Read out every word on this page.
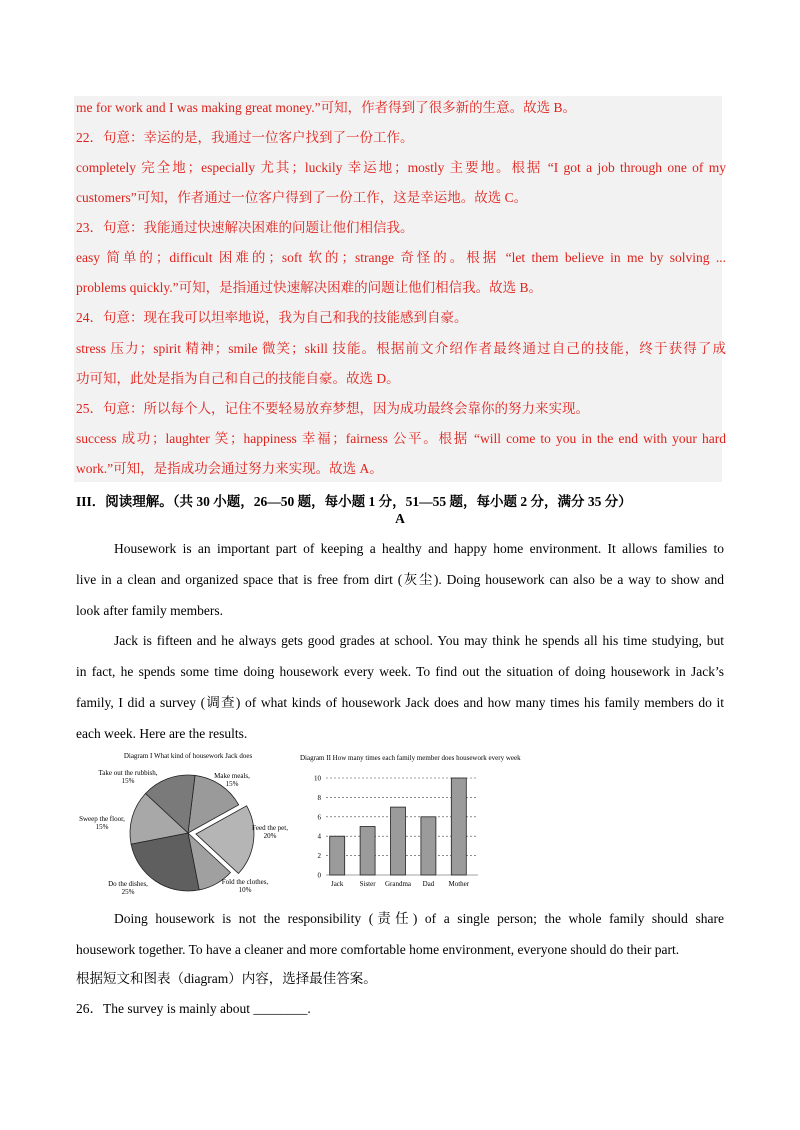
me for work and I was making great money.”可知，作者得到了很多新的生意。故选 B。
22．句意：幸运的是，我通过一位客户找到了一份工作。
completely 完全地；especially 尤其；luckily 幸运地；mostly 主要地。根据 “I got a job through one of my
customers”可知，作者通过一位客户得到了一份工作，这是幸运地。故选 C。
23．句意：我能通过快速解决困难的问题让他们相信我。
easy 简单的；difficult 困难的；soft 软的；strange 奇怪的。根据 “let them believe in me by solving ...
problems quickly.”可知，是指通过快速解决困难的问题让他们相信我。故选 B。
24．句意：现在我可以坦率地说，我为自己和我的技能感到自豪。
stress 压力；spirit 精神；smile 微笑；skill 技能。根据前文介绍作者最终通过自己的技能，终于获得了成
功可知，此处是指为自己和自己的技能自豪。故选 D。
25．句意：所以每个人，记住不要轻易放弃梦想，因为成功最终会靠你的努力来实现。
success 成功；laughter 笑；happiness 幸福；fairness 公平。根据 “will come to you in the end with your hard
work.”可知，是指成功会通过努力来实现。故选 A。
III．阅读理解。（共 30 小题，26—50 题，每小题 1 分，51—55 题，每小题 2 分，满分 35 分）
A
Housework is an important part of keeping a healthy and happy home environment. It allows families to
live in a clean and organized space that is free from dirt (灰尘). Doing housework can also be a way to show and
look after family members.
Jack is fifteen and he always gets good grades at school. You may think he spends all his time studying, but
in fact, he spends some time doing housework every week. To find out the situation of doing housework in Jack’s
family, I did a survey (调查) of what kinds of housework Jack does and how many times his family members do it
each week. Here are the results.
Diagram I What kind of housework Jack does
Make meals,
15%
Feed the pet,
20%
Fold the clothes,
10%
Do the dishes,
25%
Sweep the floor,
15%
Take out the rubbish,
15%
Diagram II How many times each family member does housework every week
0
2
4
6
8
10
Jack Sister Grandma Dad Mother
Doing housework is not the responsibility (责任) of a single person; the whole family should share
housework together. To have a cleaner and more comfortable home environment, everyone should do their part.
根据短文和图表（diagram）内容，选择最佳答案。
26．The survey is mainly about ________.
